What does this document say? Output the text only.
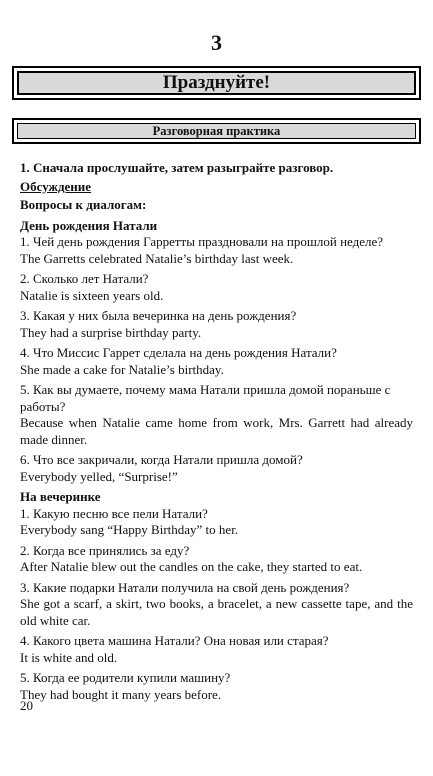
3
Празднуйте!
Разговорная практика
1. Сначала прослушайте, затем разыграйте разговор.
Обсуждение
Вопросы к диалогам:
День рождения Натали
1. Чей день рождения Гарретты праздновали на прошлой неделе?
The Garretts celebrated Natalie’s birthday last week.
2. Сколько лет Натали?
Natalie is sixteen years old.
3. Какая у них была вечеринка на день рождения?
They had a surprise birthday party.
4. Что Миссис Гаррет сделала на день рождения Натали?
She made a cake for Natalie’s birthday.
5. Как вы думаете, почему мама Натали пришла домой пораньше с работы?
Because when Natalie came home from work, Mrs. Garrett had already made dinner.
6. Что все закричали, когда Натали пришла домой?
Everybody yelled, “Surprise!”
На вечеринке
1. Какую песню все пели Натали?
Everybody sang “Happy Birthday” to her.
2. Когда все принялись за еду?
After Natalie blew out the candles on the cake, they started to eat.
3. Какие подарки Натали получила на свой день рождения?
She got a scarf, a skirt, two books, a bracelet, a new cassette tape, and the old white car.
4. Какого цвета машина Натали? Она новая или старая?
It is white and old.
5. Когда ее родители купили машину?
They had bought it many years before.
20
